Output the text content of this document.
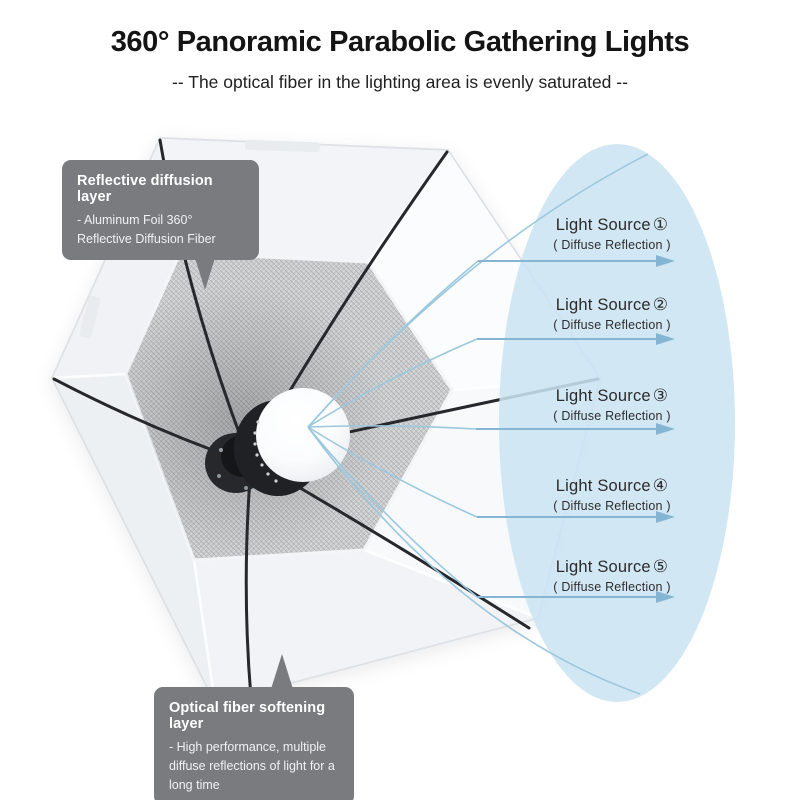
360° Panoramic Parabolic Gathering Lights
-- The optical fiber in the lighting area is evenly saturated --
Light Source ①
( Diffuse Reflection )
Light Source ②
( Diffuse Reflection )
Light Source ③
( Diffuse Reflection )
Light Source ④
( Diffuse Reflection )
Light Source ⑤
( Diffuse Reflection )
Reflective diffusion layer

- Aluminum Foil 360° Reflective Diffusion Fiber

Optical fiber softening layer

- High performance, multiple diffuse reflections of light for a long time
